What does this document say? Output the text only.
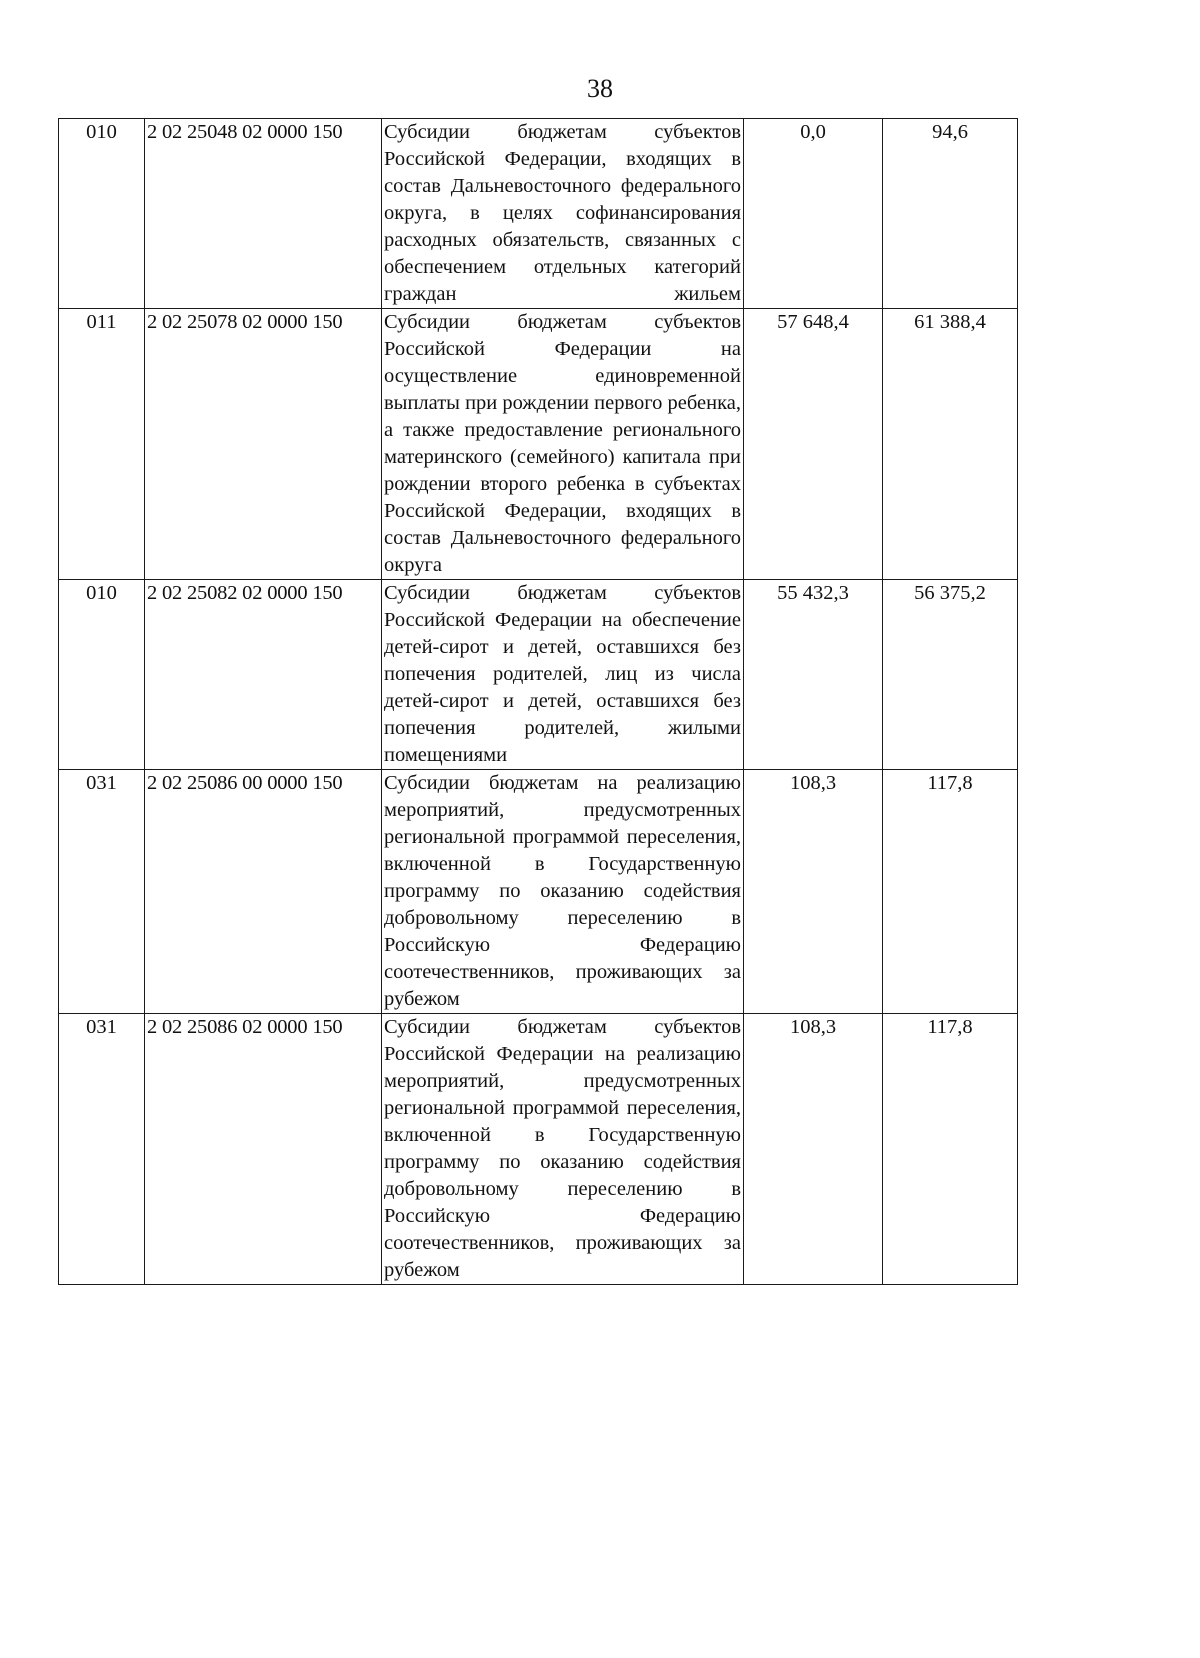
38
010	2 02 25048 02 0000 150	Субсидии бюджетам субъектов Российской Федерации, входящих в состав Дальневосточного федерального округа, в целях софинансирования расходных обязательств, связанных с обеспечением отдельных категорий граждан жильем	0,0	94,6
011	2 02 25078 02 0000 150	Субсидии бюджетам субъектов Российской Федерации на осуществление единовременной выплаты при рождении первого ребенка, а также предоставление регионального материнского (семейного) капитала при рождении второго ребенка в субъектах Российской Федерации, входящих в состав Дальневосточного федерального округа	57 648,4	61 388,4
010	2 02 25082 02 0000 150	Субсидии бюджетам субъектов Российской Федерации на обеспечение детей-сирот и детей, оставшихся без попечения родителей, лиц из числа детей-сирот и детей, оставшихся без попечения родителей, жилыми помещениями	55 432,3	56 375,2
031	2 02 25086 00 0000 150	Субсидии бюджетам на реализацию мероприятий, предусмотренных региональной программой переселения, включенной в Государственную программу по оказанию содействия добровольному переселению в Российскую Федерацию соотечественников, проживающих за рубежом	108,3	117,8
031	2 02 25086 02 0000 150	Субсидии бюджетам субъектов Российской Федерации на реализацию мероприятий, предусмотренных региональной программой переселения, включенной в Государственную программу по оказанию содействия добровольному переселению в Российскую Федерацию соотечественников, проживающих за рубежом	108,3	117,8
